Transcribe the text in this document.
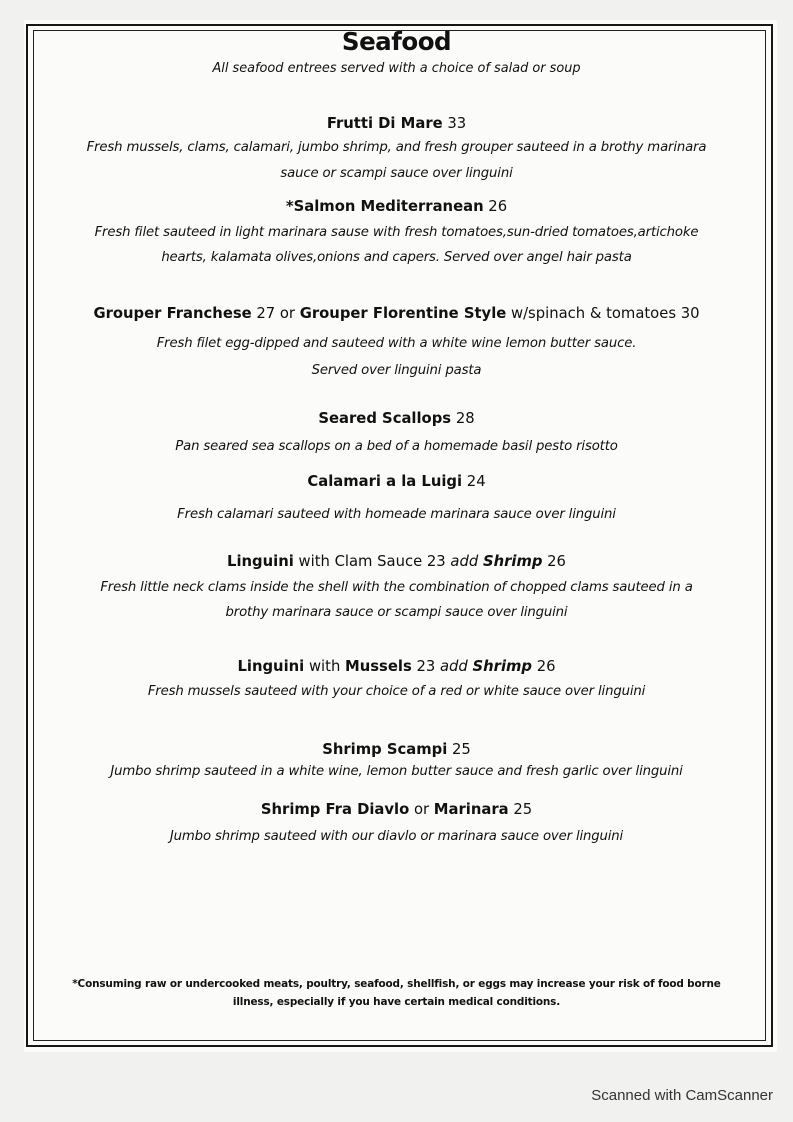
Seafood
All seafood entrees served with a choice of salad or soup
Frutti Di Mare 33
Fresh mussels, clams, calamari, jumbo shrimp, and fresh grouper sauteed in a brothy marinara
sauce or scampi sauce over linguini
*Salmon Mediterranean 26
Fresh filet sauteed in light marinara sause with fresh tomatoes,sun-dried tomatoes,artichoke
hearts, kalamata olives,onions and capers. Served over angel hair pasta
Grouper Franchese 27 or Grouper Florentine Style w/spinach & tomatoes 30
Fresh filet egg-dipped and sauteed with a white wine lemon butter sauce.
Served over linguini pasta
Seared Scallops 28
Pan seared sea scallops on a bed of a homemade basil pesto risotto
Calamari a la Luigi 24
Fresh calamari sauteed with homeade marinara sauce over linguini
Linguini with Clam Sauce 23 add Shrimp 26
Fresh little neck clams inside the shell with the combination of chopped clams sauteed in a
brothy marinara sauce or scampi sauce over linguini
Linguini with Mussels 23 add Shrimp 26
Fresh mussels sauteed with your choice of a red or white sauce over linguini
Shrimp Scampi 25
Jumbo shrimp sauteed in a white wine, lemon butter sauce and fresh garlic over linguini
Shrimp Fra Diavlo or Marinara 25
Jumbo shrimp sauteed with our diavlo or marinara sauce over linguini
*Consuming raw or undercooked meats, poultry, seafood, shellfish, or eggs may increase your risk of food borne
illness, especially if you have certain medical conditions.
Scanned with CamScanner
